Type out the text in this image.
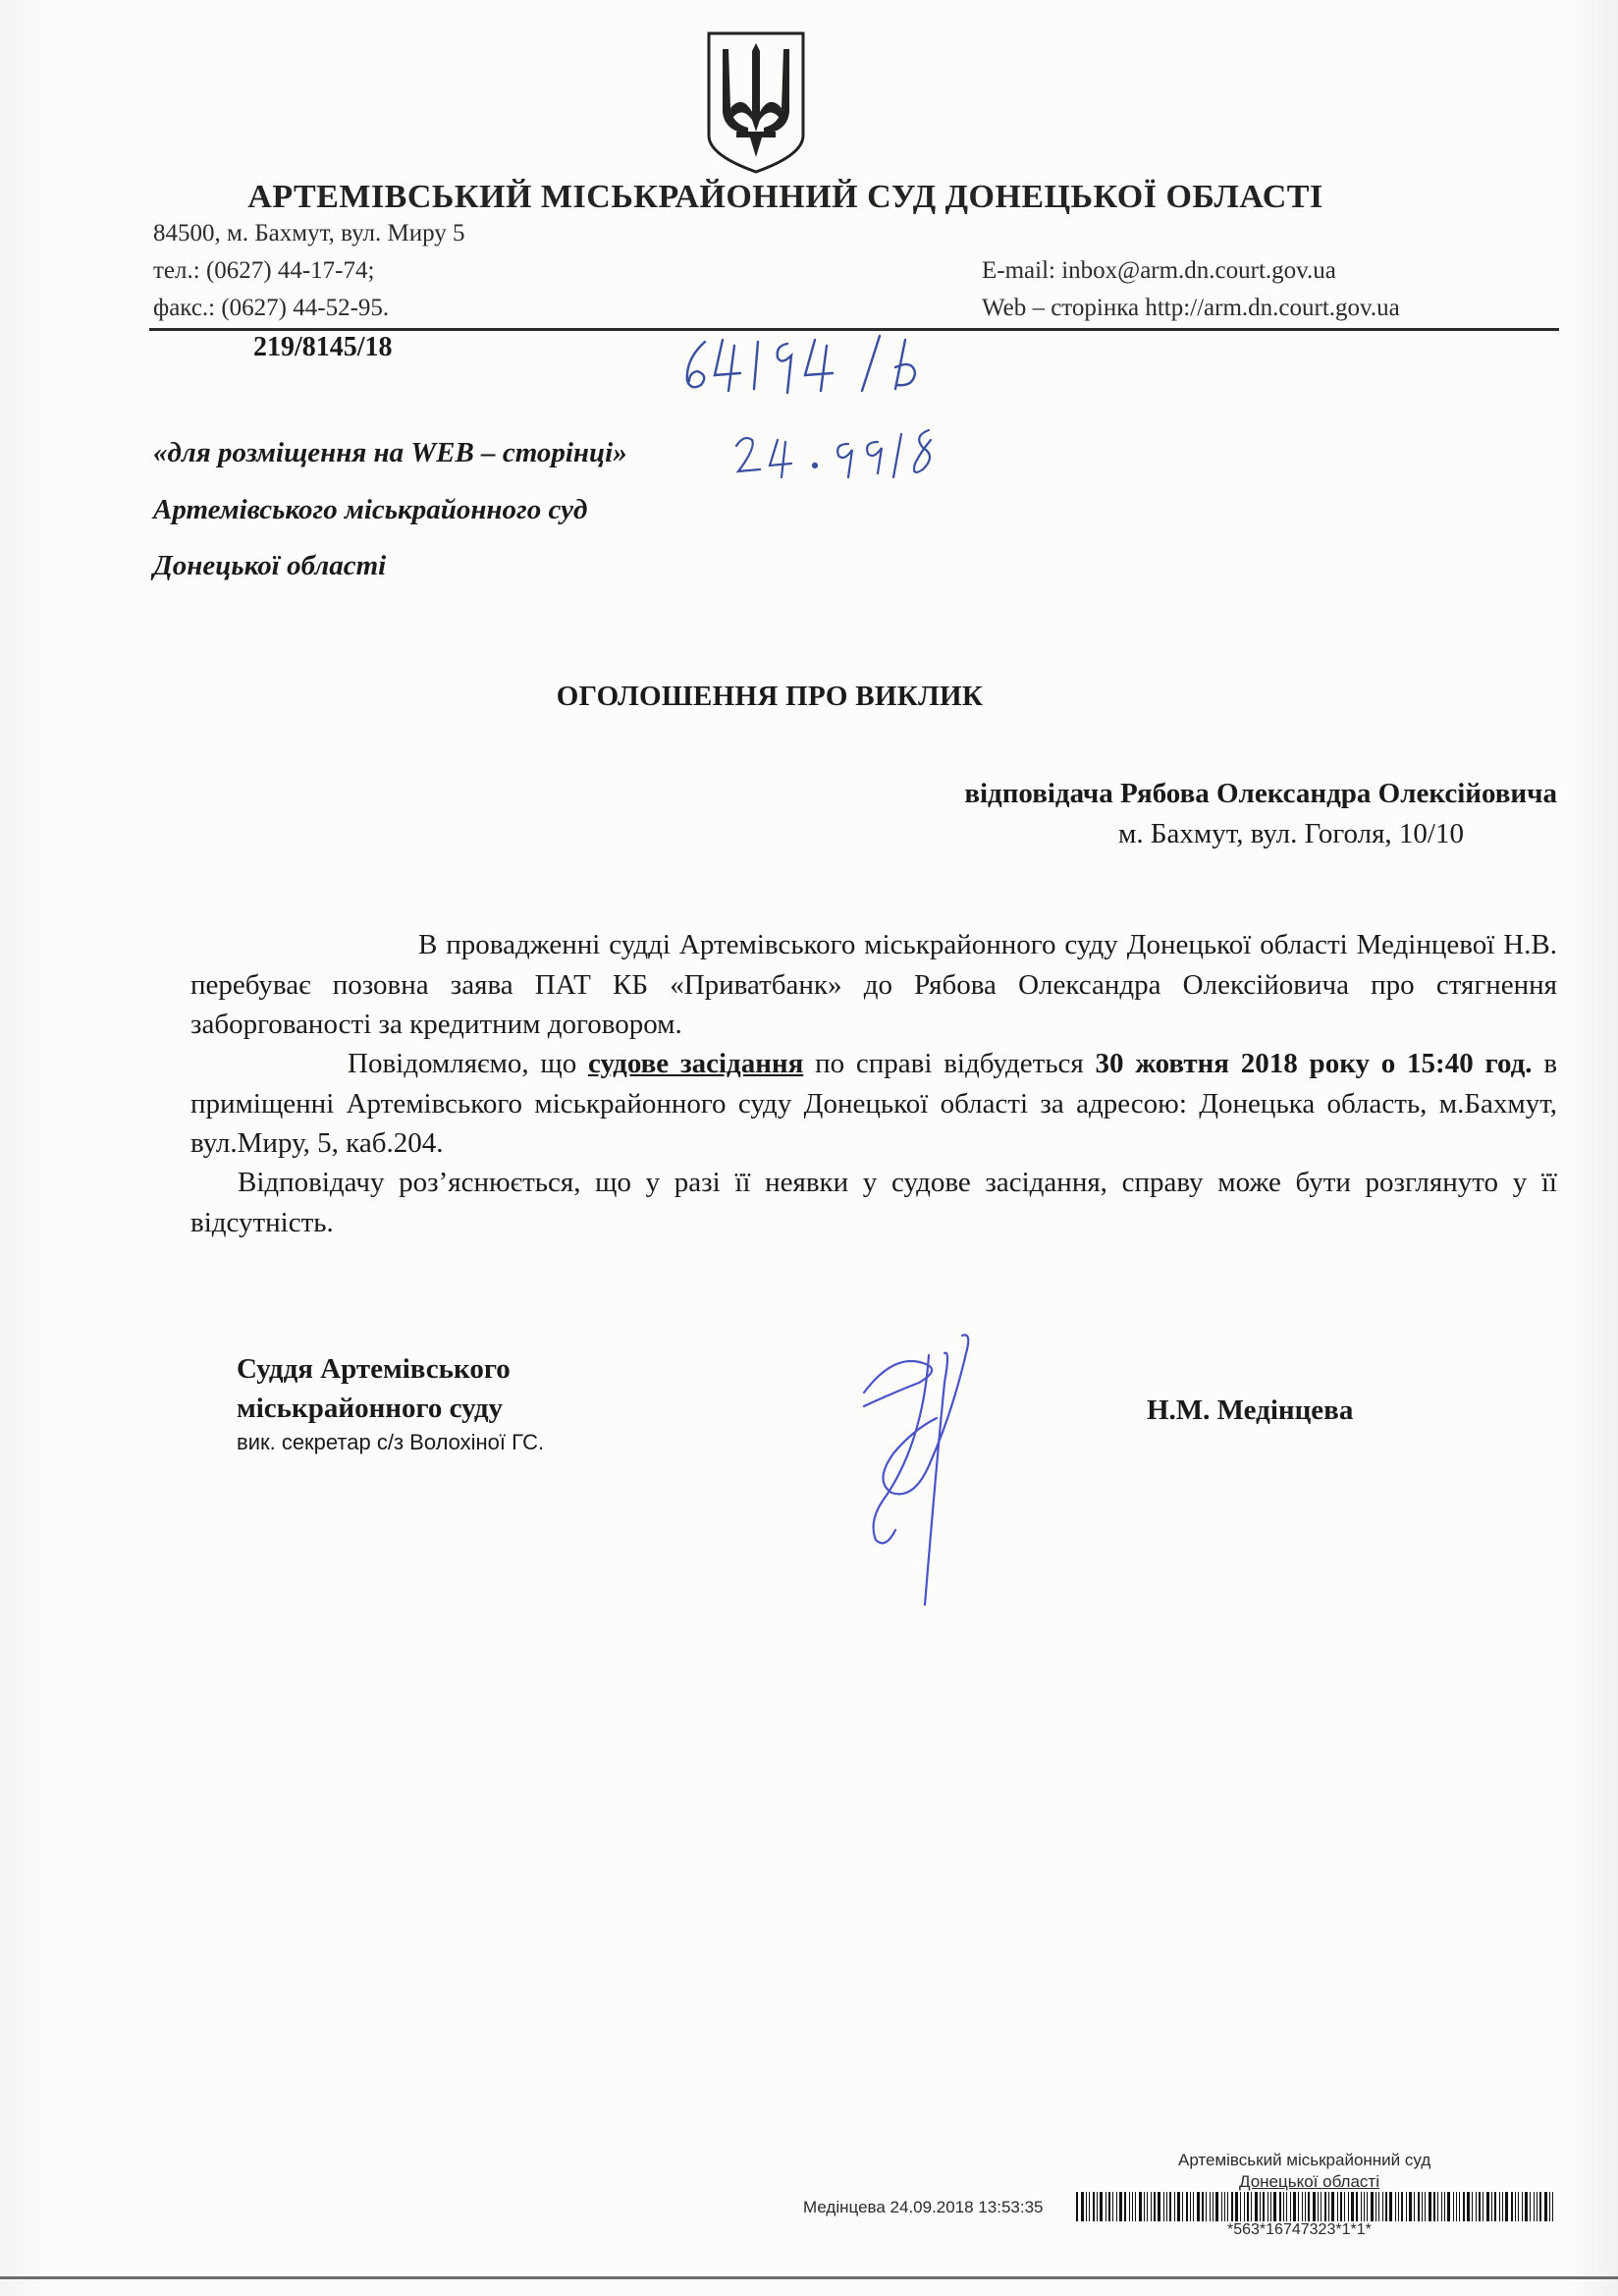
АРТЕМІВСЬКИЙ МІСЬКРАЙОННИЙ СУД ДОНЕЦЬКОЇ ОБЛАСТІ
84500, м. Бахмут, вул. Миру 5
тел.: (0627) 44-17-74;
факс.: (0627) 44-52-95.
E-mail: inbox@arm.dn.court.gov.ua
Web – сторінка http://arm.dn.court.gov.ua
219/8145/18
«для розміщення на WEB – сторінці»
Артемівського міськрайонного суд
Донецької області
ОГОЛОШЕННЯ ПРО ВИКЛИК
відповідача Рябова Олександра Олексійовича
м. Бахмут, вул. Гоголя, 10/10
В провадженні судді Артемівського міськрайонного суду Донецької області Медінцевої Н.В. перебуває позовна заява ПАТ КБ «Приватбанк» до Рябова Олександра Олексійовича про стягнення заборгованості за кредитним договором.
Повідомляємо, що судове засідання по справі відбудеться 30 жовтня 2018 року о 15:40 год. в приміщенні Артемівського міськрайонного суду Донецької області за адресою: Донецька область, м.Бахмут, вул.Миру, 5, каб.204.
Відповідачу роз’яснюється, що у разі її неявки у судове засідання, справу може бути розглянуто у її відсутність.
Суддя Артемівського
міськрайонного суду
вик. секретар с/з Волохіної ГС.
Н.М. Медінцева
Артемівський міськрайонний суд
Донецької області
Медінцева 24.09.2018 13:53:35
*563*16747323*1*1*
